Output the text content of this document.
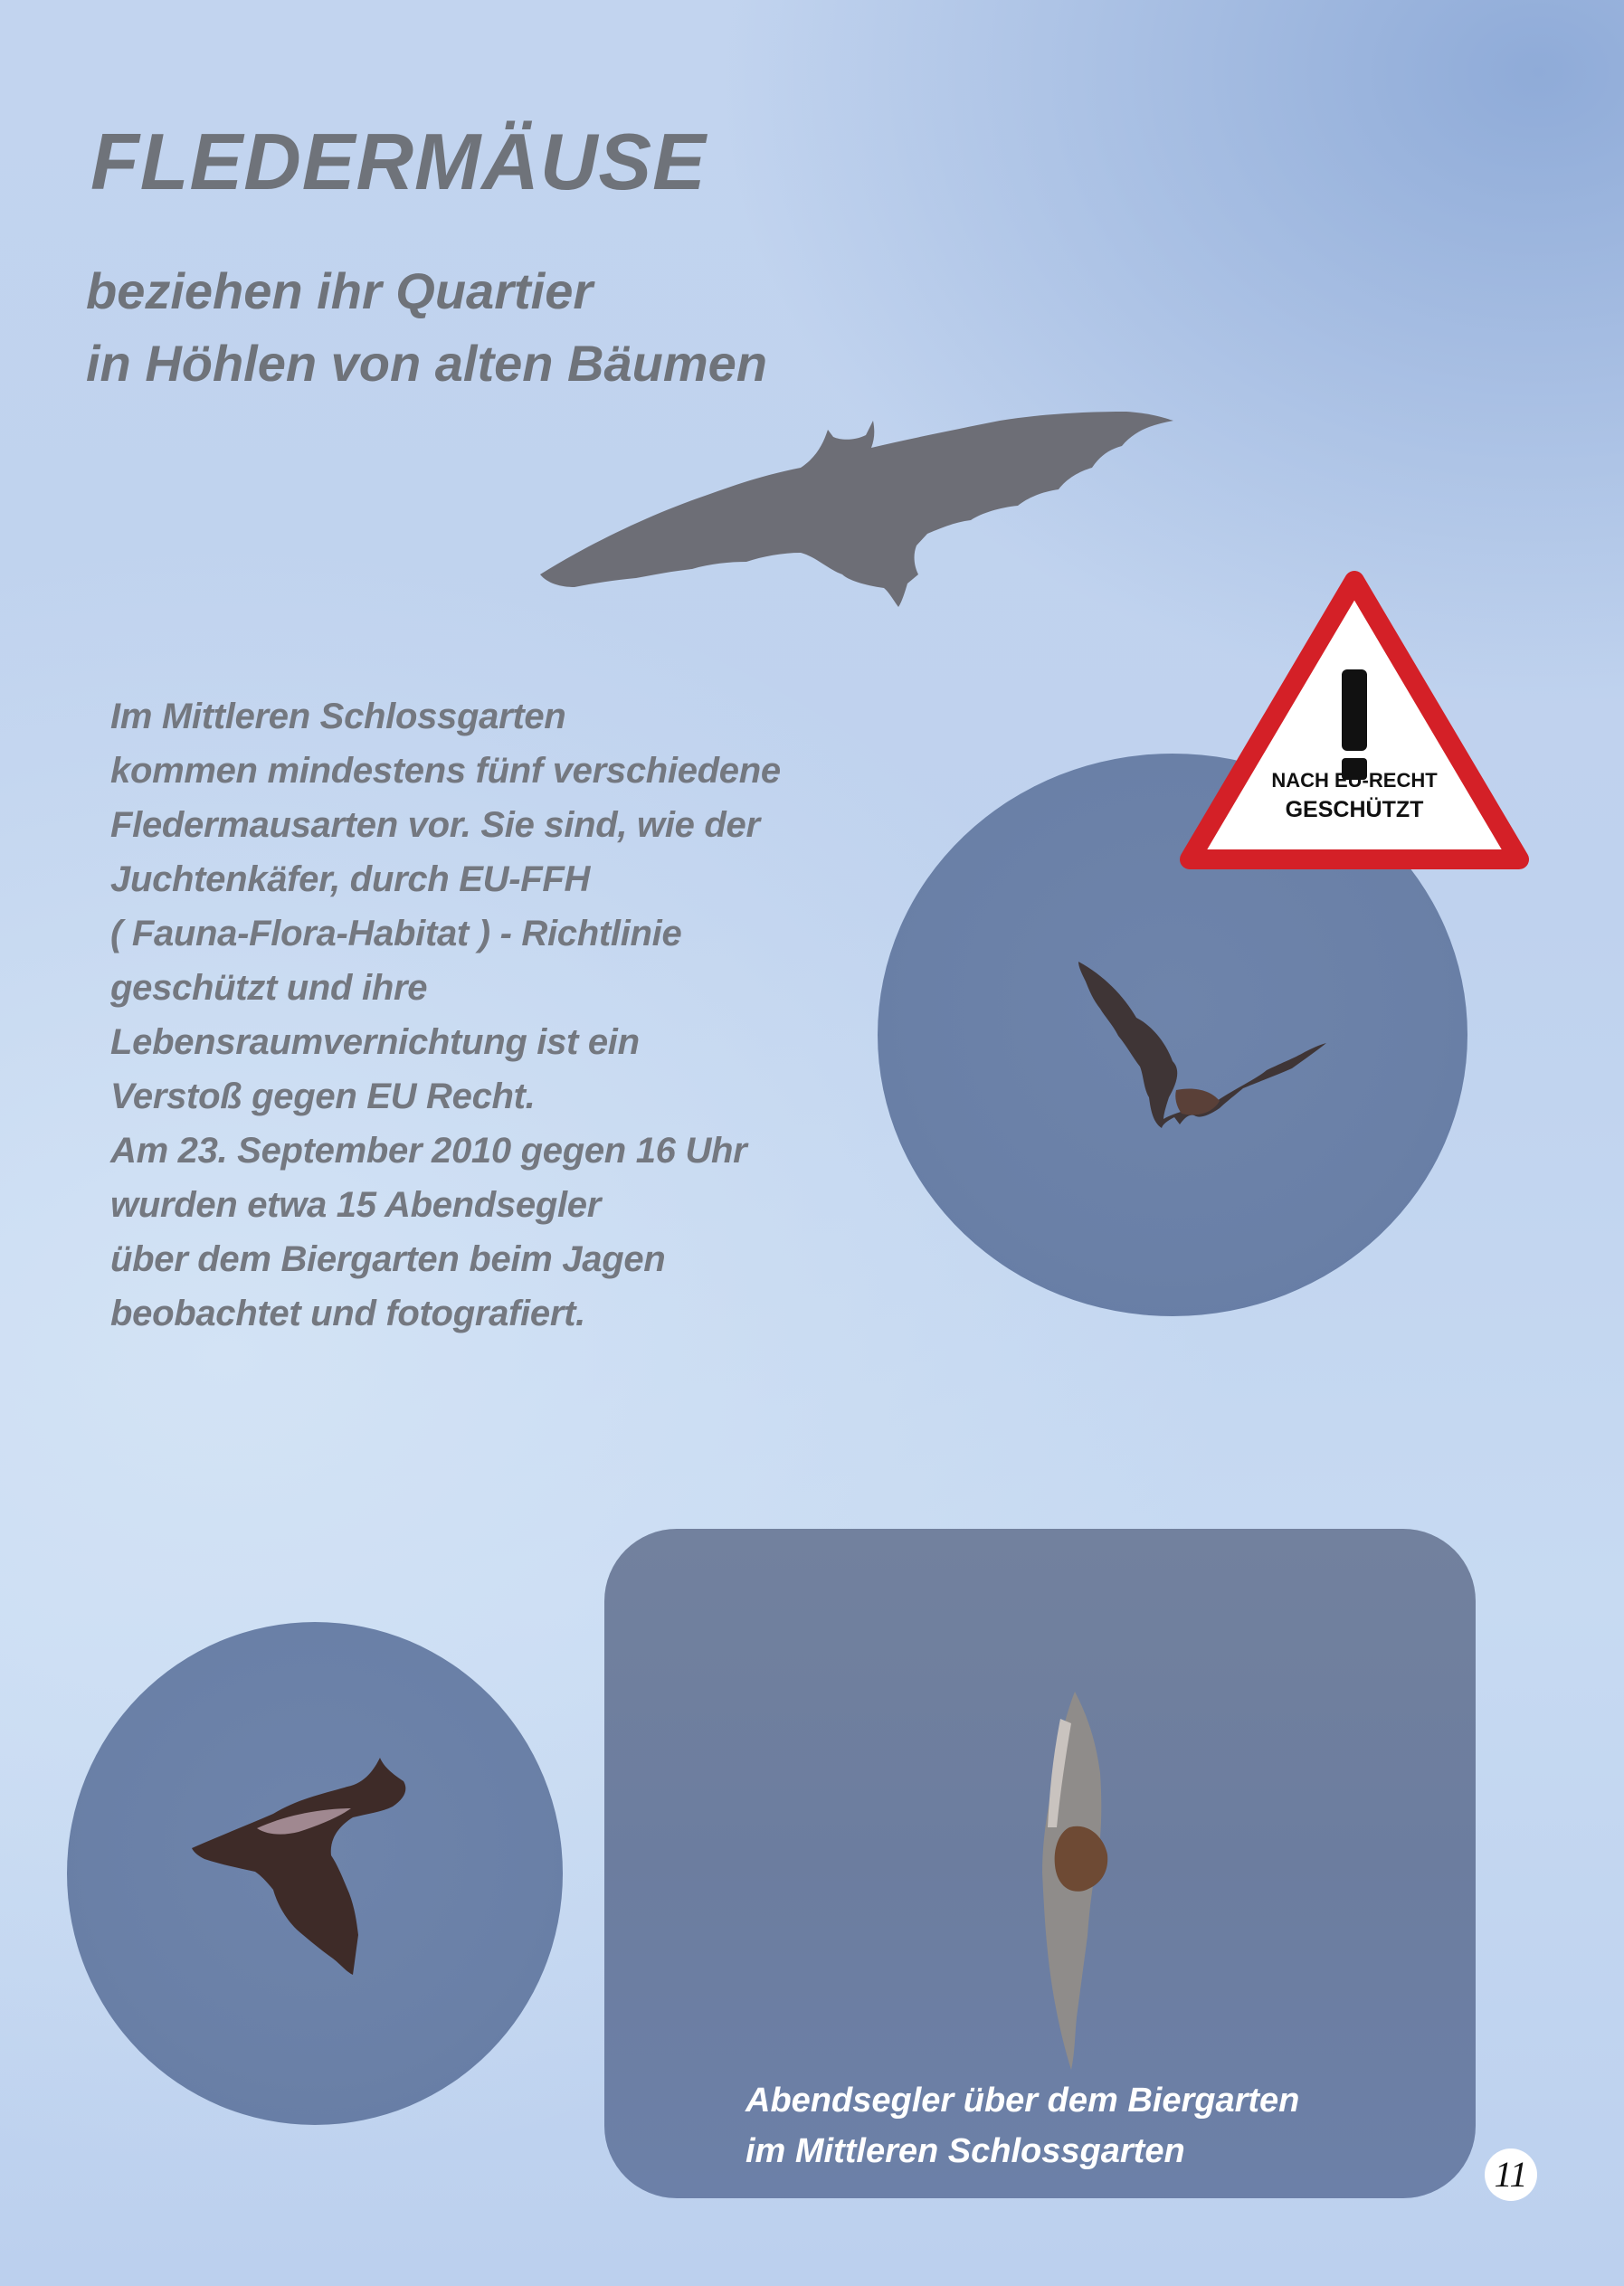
FLEDERMÄUSE
beziehen ihr Quartier
in Höhlen von alten Bäumen
Im Mittleren Schlossgarten
kommen mindestens fünf verschiedene
Fledermausarten vor. Sie sind, wie der
Juchtenkäfer, durch EU-FFH
( Fauna-Flora-Habitat ) - Richtlinie
geschützt und ihre
Lebensraumvernichtung ist ein
Verstoß gegen EU Recht.
Am 23. September 2010 gegen 16 Uhr
wurden etwa 15 Abendsegler
über dem Biergarten beim Jagen
beobachtet und fotografiert.
NACH EU-RECHT
GESCHÜTZT
Abendsegler über dem Biergarten
im Mittleren Schlossgarten
11
